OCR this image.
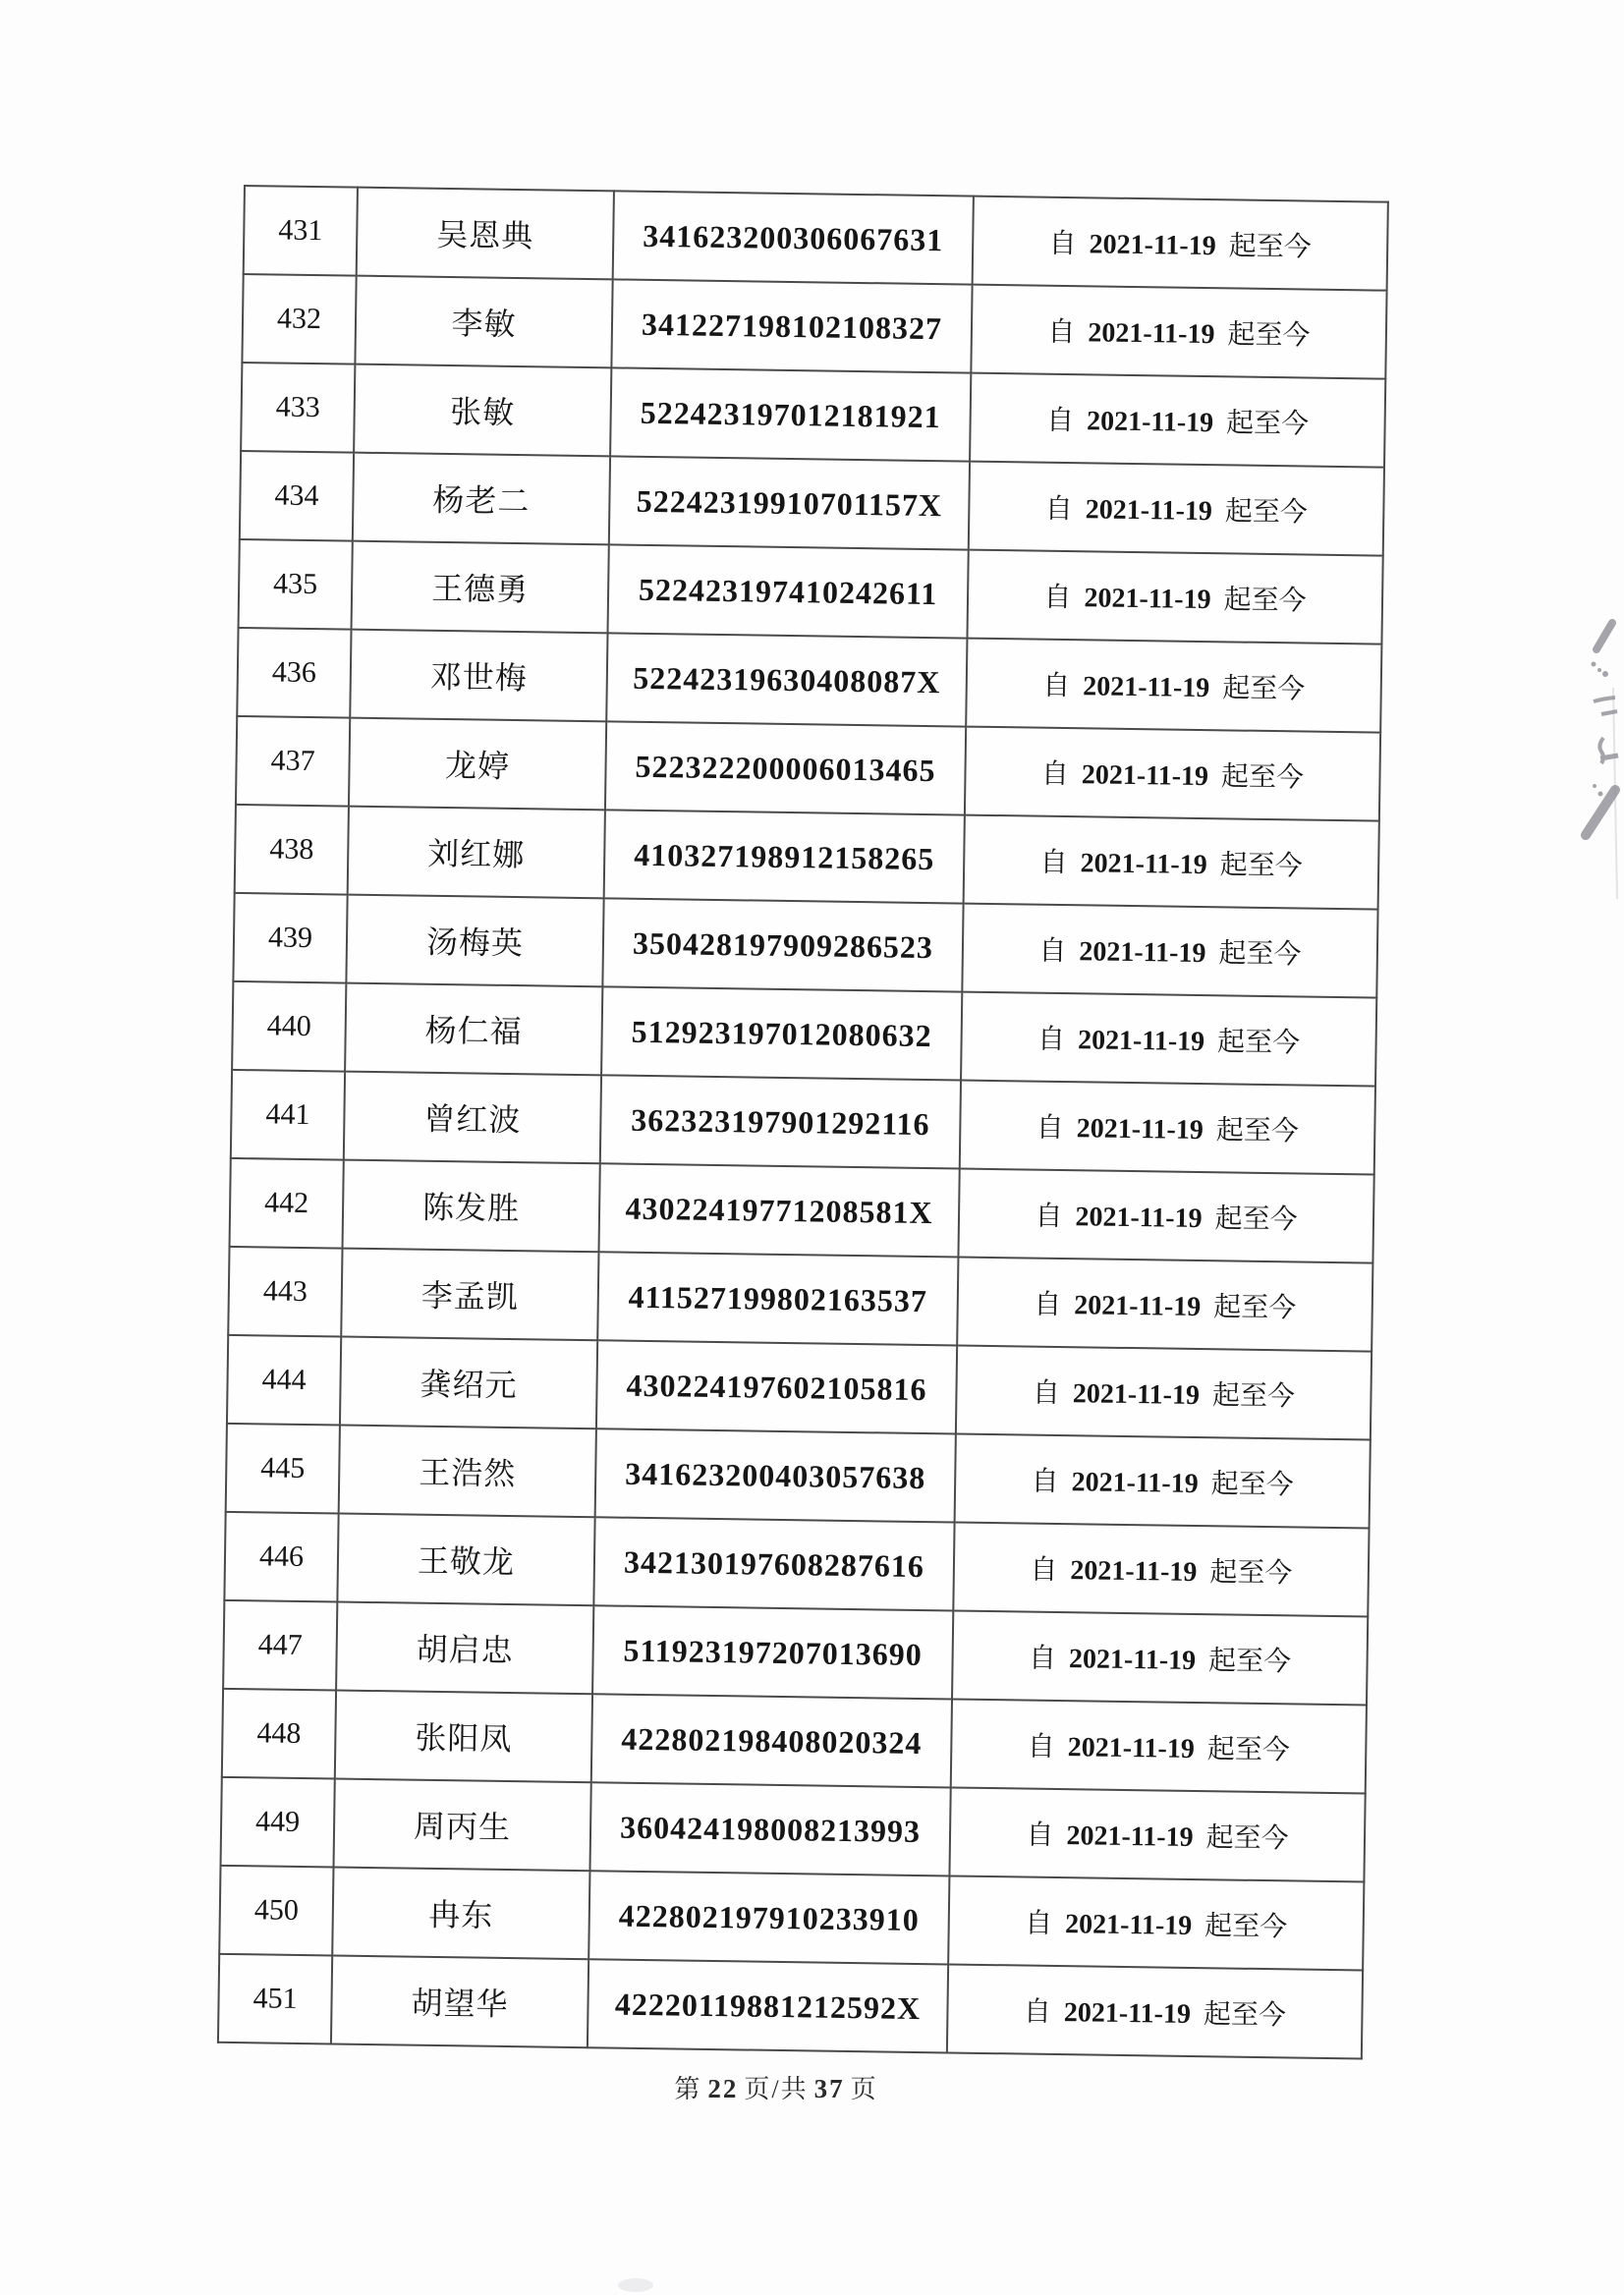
431	吴恩典	341623200306067631	自 2021-11-19 起至今
432	李敏	341227198102108327	自 2021-11-19 起至今
433	张敏	522423197012181921	自 2021-11-19 起至今
434	杨老二	52242319910701157X	自 2021-11-19 起至今
435	王德勇	522423197410242611	自 2021-11-19 起至今
436	邓世梅	52242319630408087X	自 2021-11-19 起至今
437	龙婷	522322200006013465	自 2021-11-19 起至今
438	刘红娜	410327198912158265	自 2021-11-19 起至今
439	汤梅英	350428197909286523	自 2021-11-19 起至今
440	杨仁福	512923197012080632	自 2021-11-19 起至今
441	曾红波	362323197901292116	自 2021-11-19 起至今
442	陈发胜	43022419771208581X	自 2021-11-19 起至今
443	李孟凯	411527199802163537	自 2021-11-19 起至今
444	龚绍元	430224197602105816	自 2021-11-19 起至今
445	王浩然	341623200403057638	自 2021-11-19 起至今
446	王敬龙	342130197608287616	自 2021-11-19 起至今
447	胡启忠	511923197207013690	自 2021-11-19 起至今
448	张阳凤	422802198408020324	自 2021-11-19 起至今
449	周丙生	360424198008213993	自 2021-11-19 起至今
450	冉东	422802197910233910	自 2021-11-19 起至今
451	胡望华	42220119881212592X	自 2021-11-19 起至今
第 22 页/共 37 页
